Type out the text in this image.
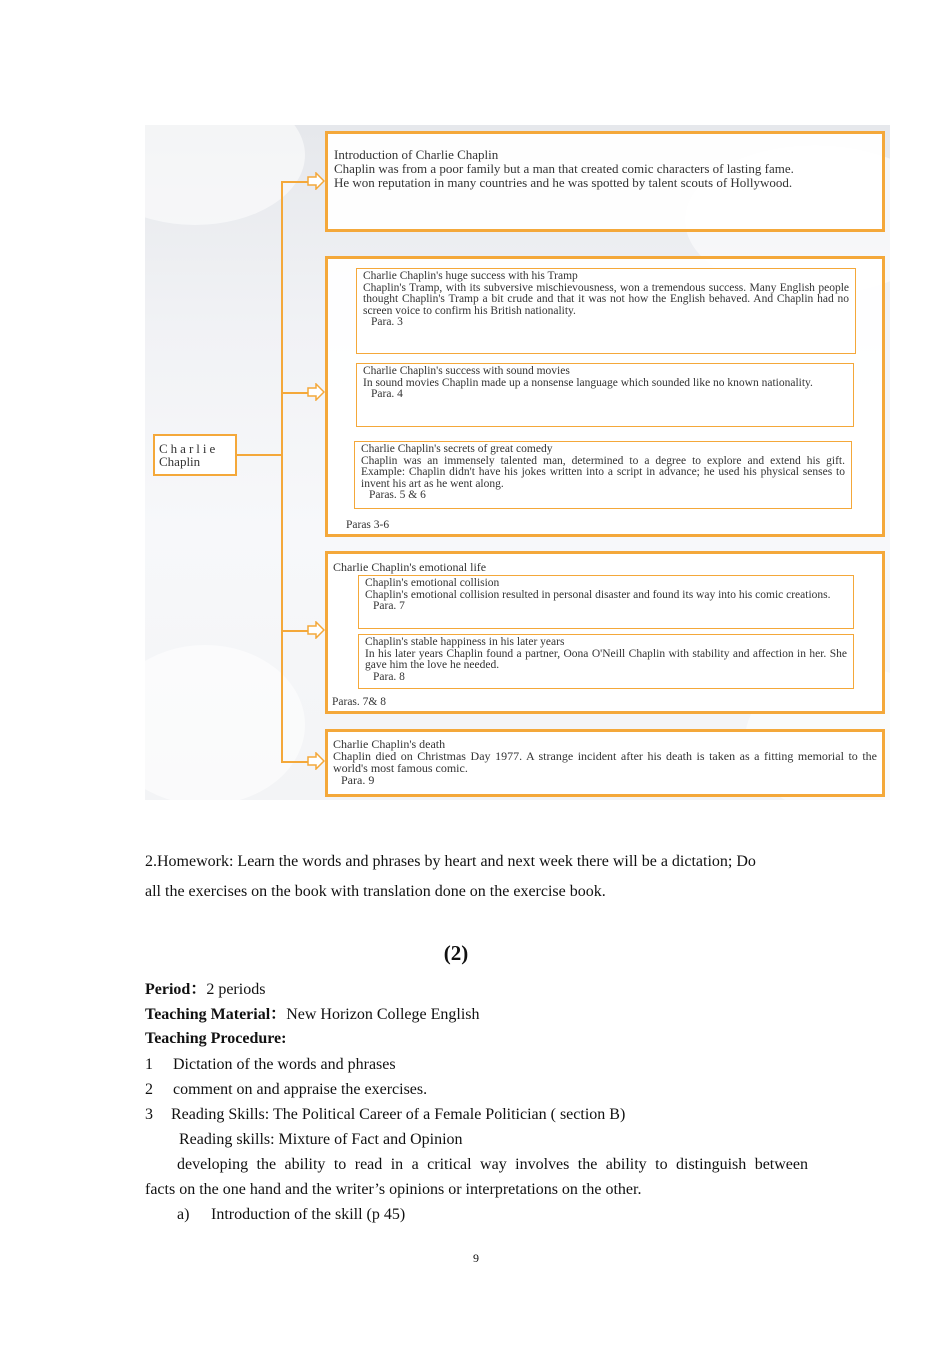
Charlie
Chaplin
Introduction of Charlie Chaplin
Chaplin was from a poor family but a man that created comic characters of lasting fame.
He won reputation in many countries and he was spotted by talent scouts of Hollywood.
Charlie Chaplin's huge success with his Tramp
Chaplin's Tramp, with its subversive mischievousness, won a tremendous success. Many English people thought Chaplin's Tramp a bit crude and that it was not how the English behaved. And Chaplin had no screen voice to confirm his British nationality.
Para. 3
Charlie Chaplin's success with sound movies
In sound movies Chaplin made up a nonsense language which sounded like no known nationality.
Para. 4
Charlie Chaplin's secrets of great comedy
Chaplin was an immensely talented man, determined to a degree to explore and extend his gift. Example: Chaplin didn't have his jokes written into a script in advance; he used his physical senses to invent his art as he went along.
Paras. 5 & 6
Paras 3-6
Charlie Chaplin's emotional life
Chaplin's emotional collision
Chaplin's emotional collision resulted in personal disaster and found its way into his comic creations.
Para. 7
Chaplin's stable happiness in his later years
In his later years Chaplin found a partner, Oona O'Neill Chaplin with stability and affection in her. She gave him the love he needed.
Para. 8
Paras. 7& 8
Charlie Chaplin's death
Chaplin died on Christmas Day 1977. A strange incident after his death is taken as a fitting memorial to the world's most famous comic.
Para. 9
2.Homework: Learn the words and phrases by heart and next week there will be a dictation; Do
all the exercises on the book with translation done on the exercise book.
(2)
Period：2 periods
Teaching Material：New Horizon College English
Teaching Procedure:
1 Dictation of the words and phrases
2 comment on and appraise the exercises.
3 Reading Skills: The Political Career of a Female Politician ( section B)
Reading skills: Mixture of Fact and Opinion
developing the ability to read in a critical way involves the ability to distinguish between
facts on the one hand and the writer’s opinions or interpretations on the other.
a) Introduction of the skill (p 45)
9
